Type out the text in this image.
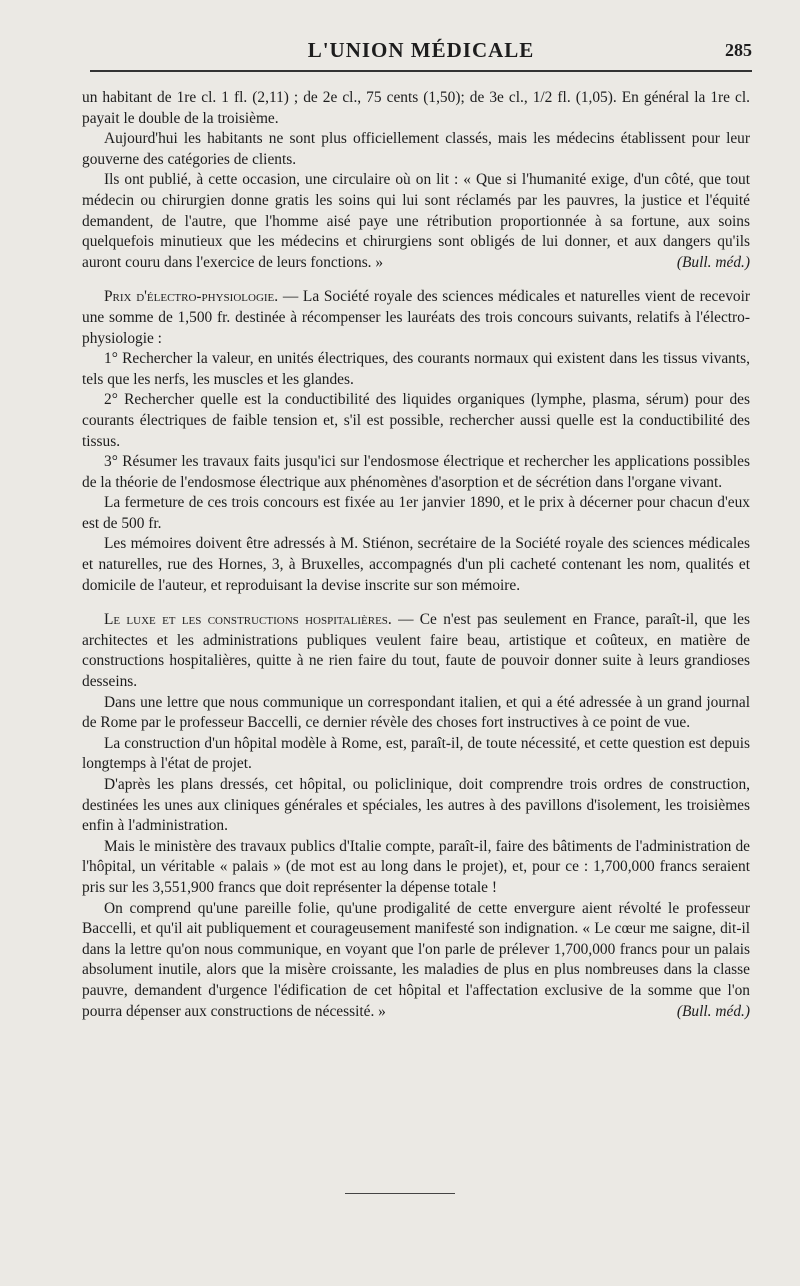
L'UNION MÉDICALE	285

un habitant de 1re cl. 1 fl. (2,11) ; de 2e cl., 75 cents (1,50); de 3e cl., 1/2 fl. (1,05). En général la 1re cl. payait le double de la troisième.

Aujourd'hui les habitants ne sont plus officiellement classés, mais les médecins établissent pour leur gouverne des catégories de clients.

Ils ont publié, à cette occasion, une circulaire où on lit : « Que si l'humanité exige, d'un côté, que tout médecin ou chirurgien donne gratis les soins qui lui sont réclamés par les pauvres, la justice et l'équité demandent, de l'autre, que l'homme aisé paye une rétribution proportionnée à sa fortune, aux soins quelquefois minutieux que les médecins et chirurgiens sont obligés de lui donner, et aux dangers qu'ils auront couru dans l'exercice de leurs fonctions. »	(Bull. méd.)

Prix d'électro-physiologie. — La Société royale des sciences médicales et naturelles vient de recevoir une somme de 1,500 fr. destinée à récompenser les lauréats des trois concours suivants, relatifs à l'électro-physiologie :

1° Rechercher la valeur, en unités électriques, des courants normaux qui existent dans les tissus vivants, tels que les nerfs, les muscles et les glandes.

2° Rechercher quelle est la conductibilité des liquides organiques (lymphe, plasma, sérum) pour des courants électriques de faible tension et, s'il est possible, rechercher aussi quelle est la conductibilité des tissus.

3° Résumer les travaux faits jusqu'ici sur l'endosmose électrique et rechercher les applications possibles de la théorie de l'endosmose électrique aux phénomènes d'asorption et de sécrétion dans l'organe vivant.

La fermeture de ces trois concours est fixée au 1er janvier 1890, et le prix à décerner pour chacun d'eux est de 500 fr.

Les mémoires doivent être adressés à M. Stiénon, secrétaire de la Société royale des sciences médicales et naturelles, rue des Hornes, 3, à Bruxelles, accompagnés d'un pli cacheté contenant les nom, qualités et domicile de l'auteur, et reproduisant la devise inscrite sur son mémoire.

Le luxe et les constructions hospitalières. — Ce n'est pas seulement en France, paraît-il, que les architectes et les administrations publiques veulent faire beau, artistique et coûteux, en matière de constructions hospitalières, quitte à ne rien faire du tout, faute de pouvoir donner suite à leurs grandioses desseins.

Dans une lettre que nous communique un correspondant italien, et qui a été adressée à un grand journal de Rome par le professeur Baccelli, ce dernier révèle des choses fort instructives à ce point de vue.

La construction d'un hôpital modèle à Rome, est, paraît-il, de toute nécessité, et cette question est depuis longtemps à l'état de projet.

D'après les plans dressés, cet hôpital, ou policlinique, doit comprendre trois ordres de construction, destinées les unes aux cliniques générales et spéciales, les autres à des pavillons d'isolement, les troisièmes enfin à l'administration.

Mais le ministère des travaux publics d'Italie compte, paraît-il, faire des bâtiments de l'administration de l'hôpital, un véritable « palais » (de mot est au long dans le projet), et, pour ce : 1,700,000 francs seraient pris sur les 3,551,900 francs que doit représenter la dépense totale !

On comprend qu'une pareille folie, qu'une prodigalité de cette envergure aient révolté le professeur Baccelli, et qu'il ait publiquement et courageusement manifesté son indignation. « Le cœur me saigne, dit-il dans la lettre qu'on nous communique, en voyant que l'on parle de prélever 1,700,000 francs pour un palais absolument inutile, alors que la misère croissante, les maladies de plus en plus nombreuses dans la classe pauvre, demandent d'urgence l'édification de cet hôpital et l'affectation exclusive de la somme que l'on pourra dépenser aux constructions de nécessité. »	(Bull. méd.)
